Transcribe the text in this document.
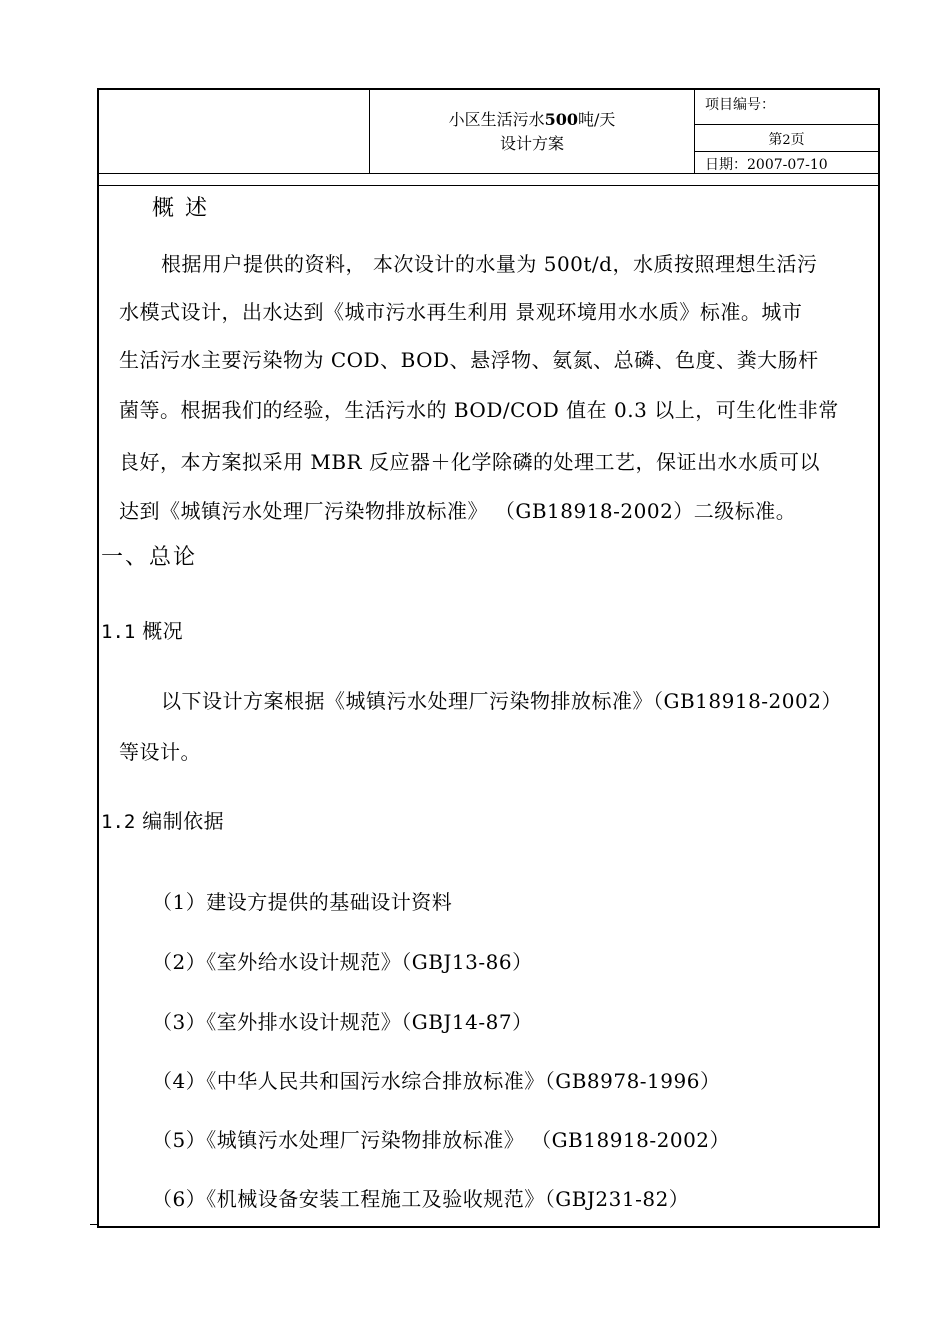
小区生活污水500吨/天
设计方案
项目编号：
第2页
日期：2007-07-10
概 述
根据用户提供的资料， 本次设计的水量为 500t/d，水质按照理想生活污
水模式设计，出水达到《城市污水再生利用 景观环境用水水质》标准。城市
生活污水主要污染物为 COD、BOD、悬浮物、氨氮、总磷、色度、粪大肠杆
菌等。根据我们的经验，生活污水的 BOD/COD 值在 0.3 以上，可生化性非常
良好，本方案拟采用 MBR 反应器＋化学除磷的处理工艺，保证出水水质可以
达到《城镇污水处理厂污染物排放标准》 （GB18918-2002）二级标准。
一、总论
1.1 概况
以下设计方案根据《城镇污水处理厂污染物排放标准》（GB18918-2002）
等设计。
1.2 编制依据
（1）建设方提供的基础设计资料
（2）《室外给水设计规范》（GBJ13-86）
（3）《室外排水设计规范》（GBJ14-87）
（4）《中华人民共和国污水综合排放标准》（GB8978-1996）
（5）《城镇污水处理厂污染物排放标准》 （GB18918-2002）
（6）《机械设备安装工程施工及验收规范》（GBJ231-82）
